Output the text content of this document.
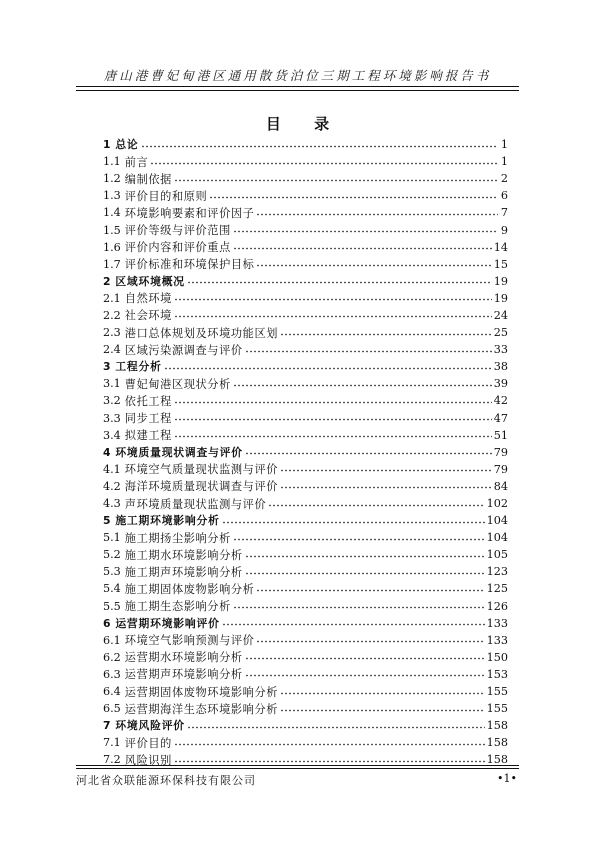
唐山港曹妃甸港区通用散货泊位三期工程环境影响报告书
目 录
1 总论	1
1.1 前言	1
1.2 编制依据	2
1.3 评价目的和原则	6
1.4 环境影响要素和评价因子	7
1.5 评价等级与评价范围	9
1.6 评价内容和评价重点	14
1.7 评价标准和环境保护目标	15
2 区域环境概况	19
2.1 自然环境	19
2.2 社会环境	24
2.3 港口总体规划及环境功能区划	25
2.4 区域污染源调查与评价	33
3 工程分析	38
3.1 曹妃甸港区现状分析	39
3.2 依托工程	42
3.3 同步工程	47
3.4 拟建工程	51
4 环境质量现状调查与评价	79
4.1 环境空气质量现状监测与评价	79
4.2 海洋环境质量现状调查与评价	84
4.3 声环境质量现状监测与评价	102
5 施工期环境影响分析	104
5.1 施工期扬尘影响分析	104
5.2 施工期水环境影响分析	105
5.3 施工期声环境影响分析	123
5.4 施工期固体废物影响分析	125
5.5 施工期生态影响分析	126
6 运营期环境影响评价	133
6.1 环境空气影响预测与评价	133
6.2 运营期水环境影响分析	150
6.3 运营期声环境影响分析	153
6.4 运营期固体废物环境影响分析	155
6.5 运营期海洋生态环境影响分析	155
7 环境风险评价	158
7.1 评价目的	158
7.2 风险识别	158
河北省众联能源环保科技有限公司	•1•
